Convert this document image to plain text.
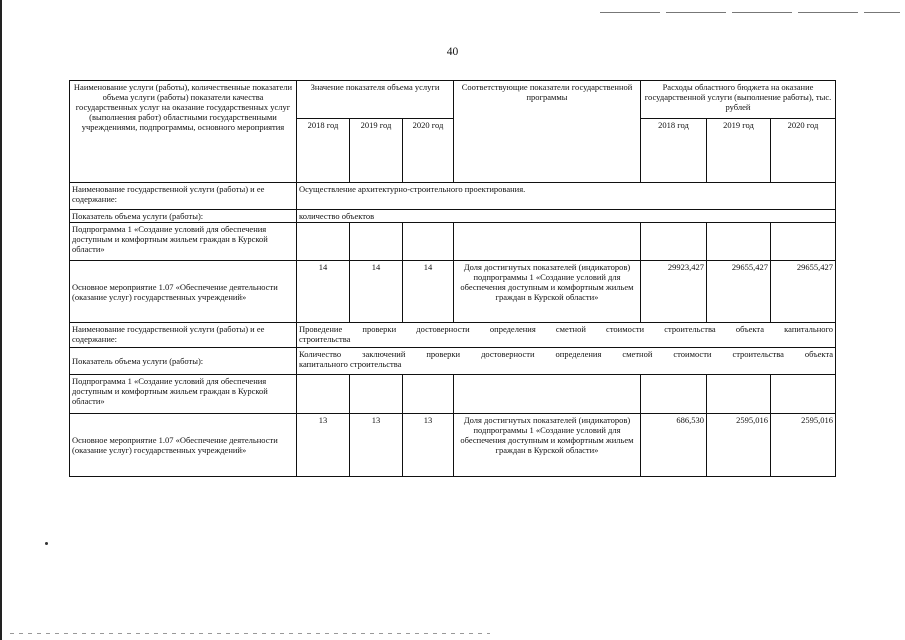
40
Наименование услуги (работы), количественные показатели объема услуги (работы) показатели качества государственных услуг на оказание государственных услуг (выполнения работ) областными государственными учреждениями, подпрограммы, основного мероприятия	Значение показателя объема услуги			Соответствующие показатели государственной программы	Расходы областного бюджета на оказание государственной услуги (выполнение работы), тыс. рублей		
	2018 год	2019 год	2020 год		2018 год	2019 год	2020 год
Наименование государственной услуги (работы) и ее содержание:	Осуществление архитектурно-строительного проектирования.						
Показатель объема услуги (работы):	количество объектов						
Подпрограмма 1 «Создание условий для обеспечения доступным и комфортным жильем граждан в Курской области»							
Основное мероприятие 1.07 «Обеспечение деятельности (оказание услуг) государственных учреждений»	14	14	14	Доля достигнутых показателей (индикаторов) подпрограммы 1 «Создание условий для обеспечения доступным и комфортным жильем граждан в Курской области»	29923,427	29655,427	29655,427
Наименование государственной услуги (работы) и ее содержание:	Проведение проверки достоверности определения сметной стоимости строительства объекта капитального
строительства						

Показатель объема услуги (работы):	Количество заключений проверки достоверности определения сметной стоимости строительства объекта
капитального строительства						

Подпрограмма 1 «Создание условий для обеспечения доступным и комфортным жильем граждан в Курской области»							
Основное мероприятие 1.07 «Обеспечение деятельности (оказание услуг) государственных учреждений»	13	13	13	Доля достигнутых показателей (индикаторов) подпрограммы 1 «Создание условий для обеспечения доступным и комфортным жильем граждан в Курской области»	686,530	2595,016	2595,016
